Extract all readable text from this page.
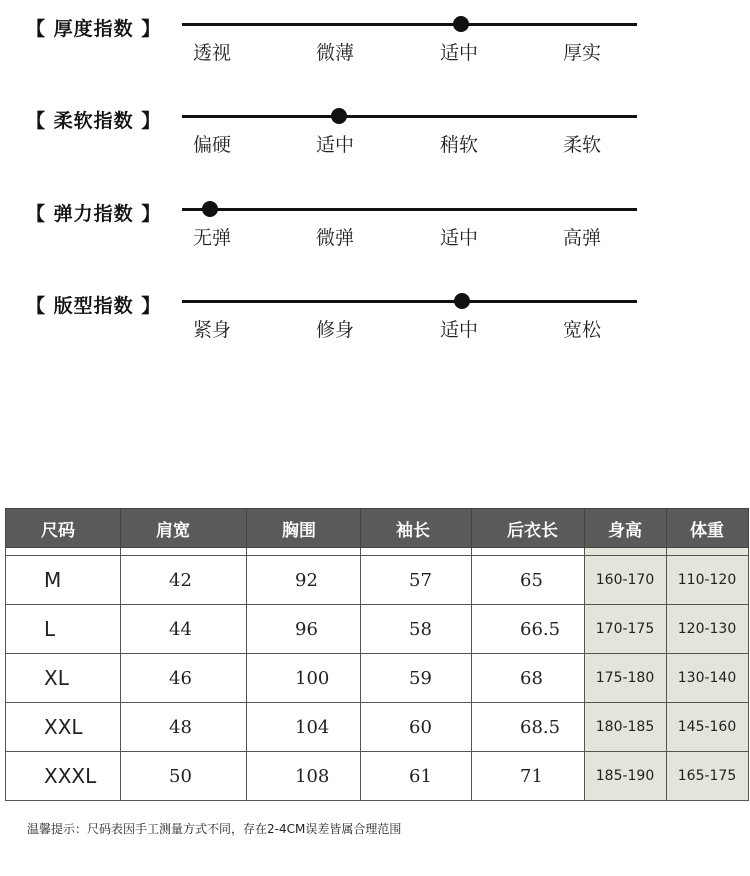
【 厚度指数 】
透视	微薄	适中	厚实
【 柔软指数 】
偏硬	适中	稍软	柔软
【 弹力指数 】
无弹	微弹	适中	高弹
【 版型指数 】
紧身	修身	适中	宽松
尺码	肩宽	胸围	袖长	后衣长	身高	体重

M	42	92	57	65	160-170	110-120
L	44	96	58	66.5	170-175	120-130
XL	46	100	59	68	175-180	130-140
XXL	48	104	60	68.5	180-185	145-160
XXXL	50	108	61	71	185-190	165-175
温馨提示：尺码表因手工测量方式不同，存在2-4CM误差皆属合理范围
